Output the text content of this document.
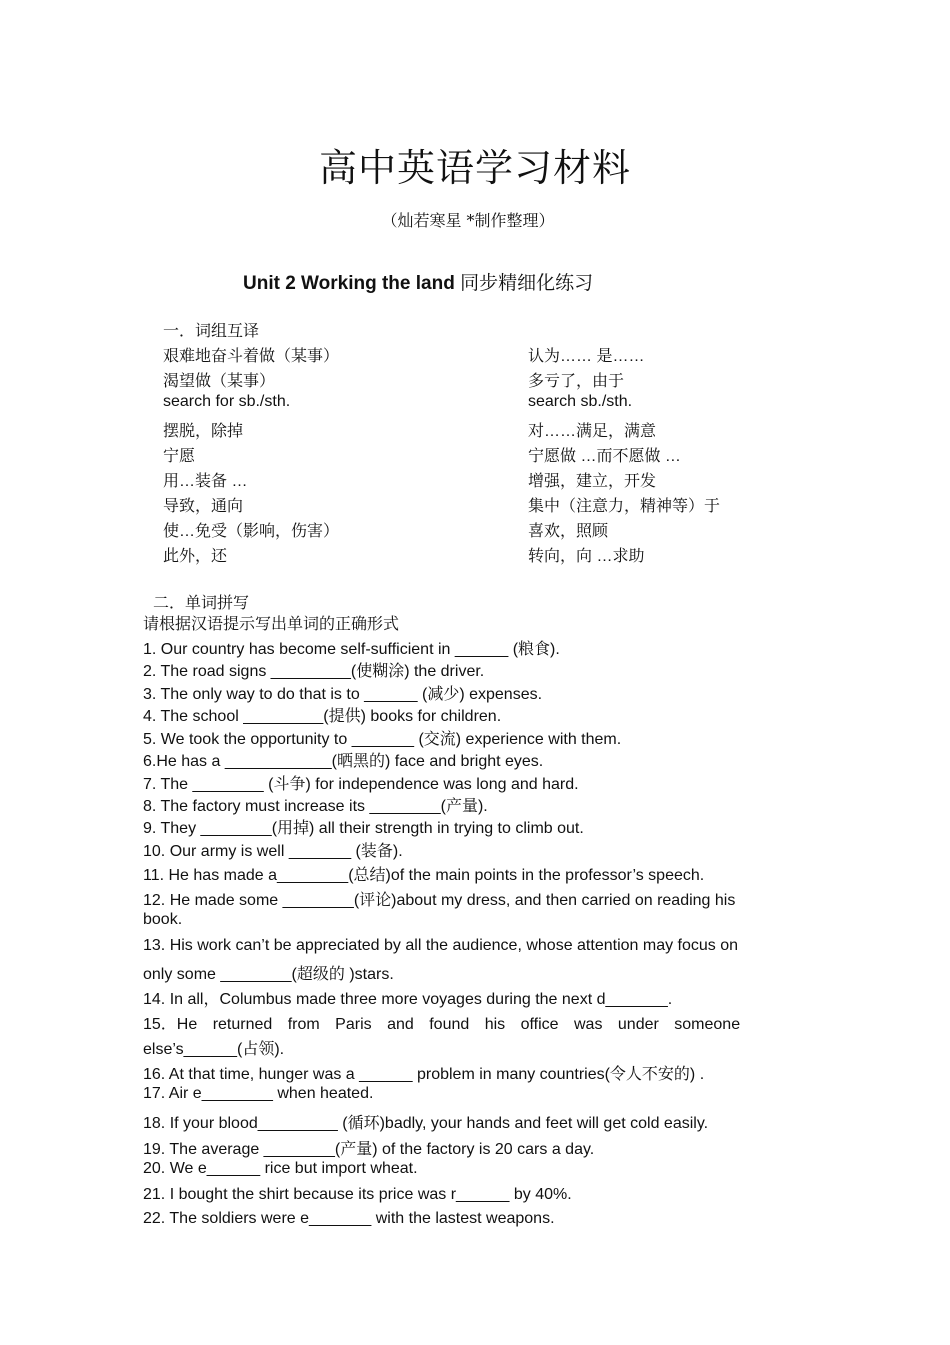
高中英语学习材料
（灿若寒星 *制作整理）
Unit 2 Working the land 同步精细化练习
一．词组互译
艰难地奋斗着做（某事）	认为…… 是……
渴望做（某事）	多亏了，由于
search for sb./sth.	search sb./sth.
摆脱，除掉	对……满足，满意
宁愿	宁愿做 …而不愿做 …
用…装备 …	增强，建立，开发
导致，通向	集中（注意力，精神等）于
使…免受（影响，伤害）	喜欢，照顾
此外，还	转向，向 …求助
二．单词拼写
请根据汉语提示写出单词的正确形式
1. Our country has become self-sufficient in ______ (粮食).
2. The road signs _________(使糊涂) the driver.
3. The only way to do that is to ______ (减少) expenses.
4. The school _________(提供) books for children.
5. We took the opportunity to _______ (交流) experience with them.
6.He has a ____________(晒黑的) face and bright eyes.
7. The ________ (斗争) for independence was long and hard.
8. The factory must increase its ________(产量).
9. They ________(用掉) all their strength in trying to climb out.
10. Our army is well _______ (装备).
11. He has made a________(总结)of the main points in the professor’s speech.
12. He made some ________(评论)about my dress, and then carried on reading his
book.
13. His work can’t be appreciated by all the audience, whose attention may focus on
only some ________(超级的 )stars.
14. In all，Columbus made three more voyages during the next d_______.
15．He returned from Paris and found his office was under someone
else’s______(占领).
16. At that time, hunger was a ______ problem in many countries(令人不安的) .
17. Air e________ when heated.
18. If your blood_________ (循环)badly, your hands and feet will get cold easily.
19. The average ________(产量) of the factory is 20 cars a day.
20. We e______ rice but import wheat.
21. I bought the shirt because its price was r______ by 40%.
22. The soldiers were e_______ with the lastest weapons.
